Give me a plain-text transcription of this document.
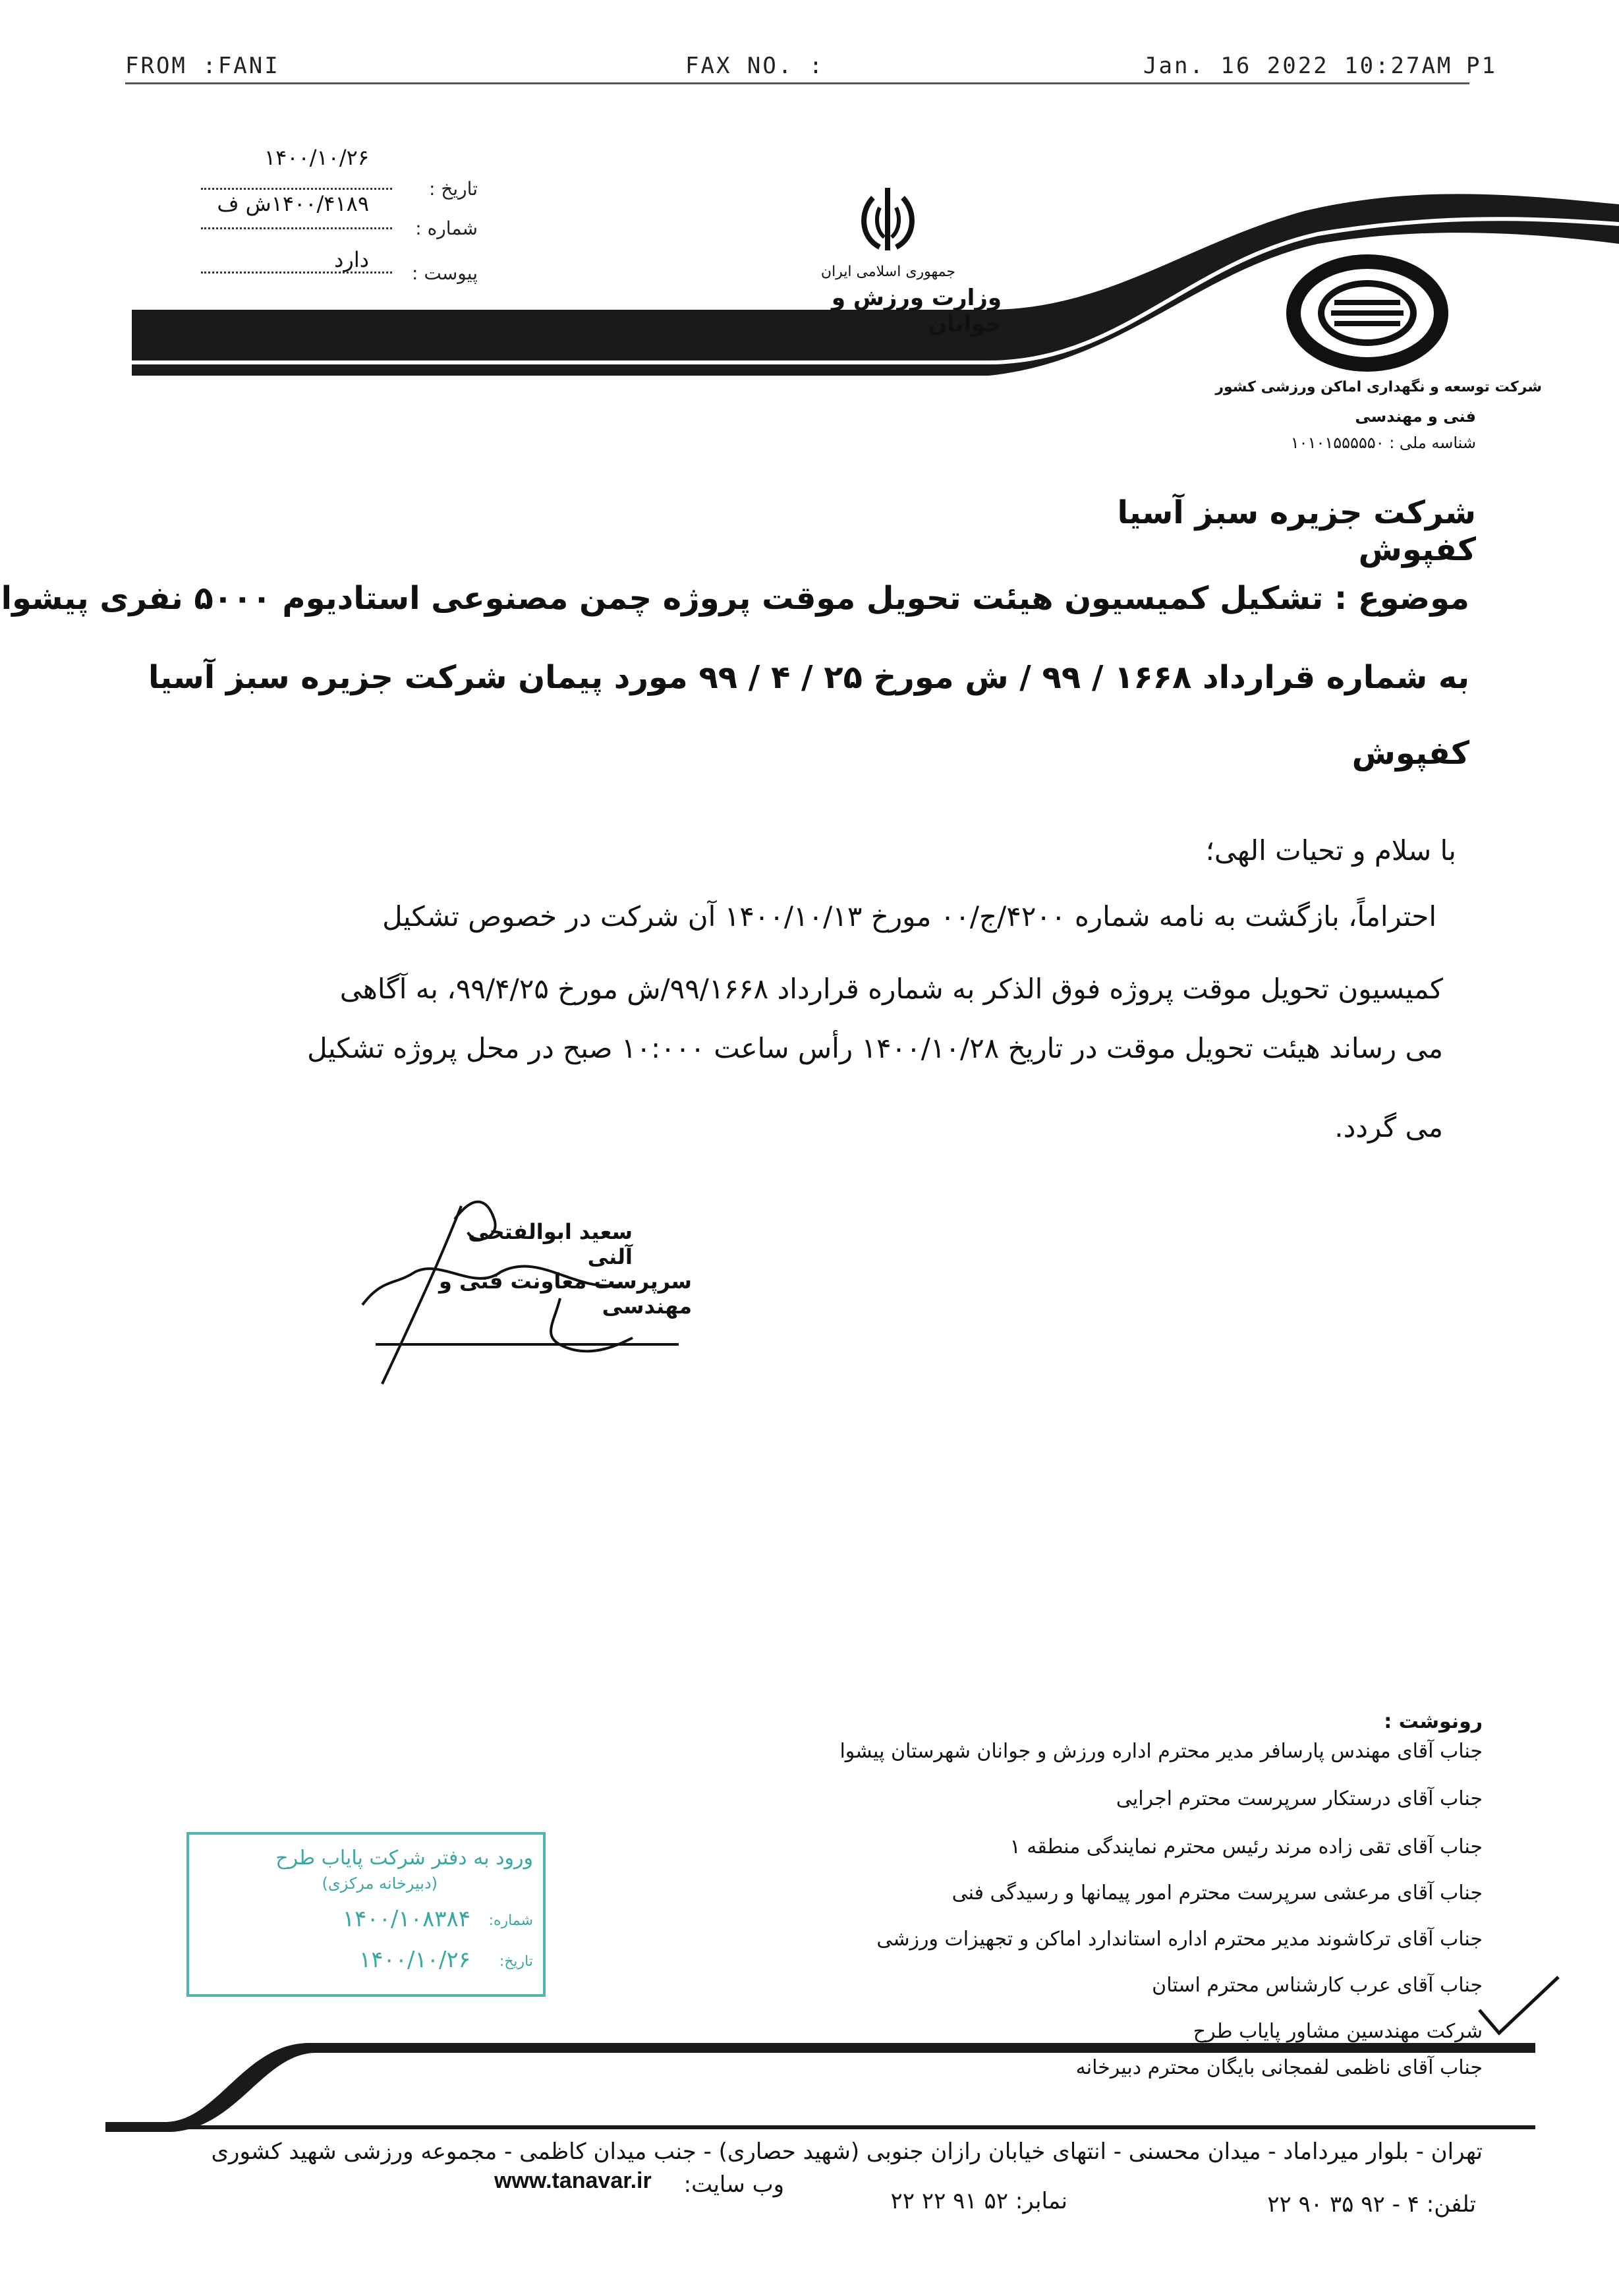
FROM :FANI	FAX NO. :	Jan. 16 2022 10:27AM P1
تاریخ :
۱۴۰۰/۱۰/۲۶
شماره :
۱۴۰۰/۴۱۸۹ش ف
پیوست :
دارد	جمهوری اسلامی ایران
وزارت ورزش و جوانان
شرکت توسعه و نگهداری اماکن ورزشی کشور
فنی و مهندسی
شناسه ملی : ۱۰۱۰۱۵۵۵۵۵۰
شرکت جزیره سبز آسیا کفپوش
موضوع : تشکیل کمیسیون هیئت تحویل موقت پروژه چمن مصنوعی استادیوم ۵۰۰۰ نفری پیشوا
به شماره قرارداد ۱۶۶۸ / ۹۹ / ش مورخ ۲۵ / ۴ / ۹۹ مورد پیمان شرکت جزیره سبز آسیا
کفپوش
با سلام و تحیات الهی؛
احتراماً، بازگشت به نامه شماره ۴۲۰۰/ج/۰۰ مورخ ۱۴۰۰/۱۰/۱۳ آن شرکت در خصوص تشکیل
کمیسیون تحویل موقت پروژه فوق الذکر به شماره قرارداد ۹۹/۱۶۶۸/ش مورخ ۹۹/۴/۲۵، به آگاهی
می رساند هیئت تحویل موقت در تاریخ ۱۴۰۰/۱۰/۲۸ رأس ساعت ۱۰:۰۰۰ صبح در محل پروژه تشکیل
می گردد.
سعید ابوالفتحی آلنی
سرپرست معاونت فنی و مهندسی
رونوشت :
جناب آقای مهندس پارسافر مدیر محترم اداره ورزش و جوانان شهرستان پیشوا
جناب آقای درستکار سرپرست محترم اجرایی
جناب آقای تقی زاده مرند رئیس محترم نمایندگی منطقه ۱
جناب آقای مرعشی سرپرست محترم امور پیمانها و رسیدگی فنی
جناب آقای ترکاشوند مدیر محترم اداره استاندارد اماکن و تجهیزات ورزشی
جناب آقای عرب کارشناس محترم استان
شرکت مهندسین مشاور پایاب طرح
جناب آقای ناظمی لفمجانی بایگان محترم دبیرخانه
ورود به دفتر شرکت پایاب طرح
(دبیرخانه مرکزی)
شماره:
۱۴۰۰/۱۰۸۳۸۴
تاریخ:
۱۴۰۰/۱۰/۲۶
تهران - بلوار میرداماد - میدان محسنی - انتهای خیابان رازان جنوبی (شهید حصاری) - جنب میدان کاظمی - مجموعه ورزشی شهید کشوری
تلفن: ۴ - ۹۲ ۳۵ ۹۰ ۲۲
نمابر: ۵۲ ۹۱ ۲۲ ۲۲
وب سایت:
www.tanavar.ir
